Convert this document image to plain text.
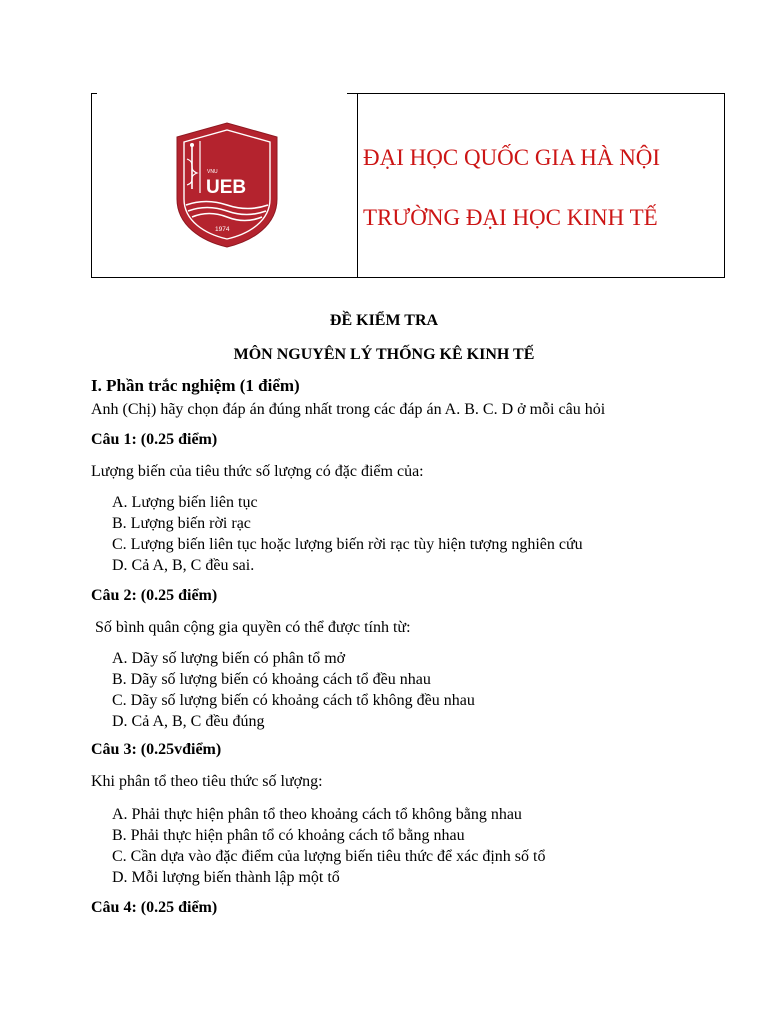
VNU
UEB
1974

ĐẠI HỌC QUỐC GIA HÀ NỘI

TRƯỜNG ĐẠI HỌC KINH TẾ

ĐỀ KIỂM TRA

MÔN NGUYÊN LÝ THỐNG KÊ KINH TẾ

I. Phần trắc nghiệm (1 điểm)

Anh (Chị) hãy chọn đáp án đúng nhất trong các đáp án A. B. C. D ở mỗi câu hỏi

Câu 1: (0.25 điểm)

Lượng biến của tiêu thức số lượng có đặc điểm của:

A. Lượng biến liên tục
B. Lượng biến rời rạc
C. Lượng biến liên tục hoặc lượng biến rời rạc tùy hiện tượng nghiên cứu
D. Cả A, B, C đều sai.

Câu 2: (0.25 điểm)

Số bình quân cộng gia quyền có thể được tính từ:

A. Dãy số lượng biến có phân tổ mở
B. Dãy số lượng biến có khoảng cách tổ đều nhau
C. Dãy số lượng biến có khoảng cách tổ không đều nhau
D. Cả A, B, C đều đúng

Câu 3: (0.25vđiểm)

Khi phân tổ theo tiêu thức số lượng:

A. Phải thực hiện phân tổ theo khoảng cách tổ không bằng nhau
B. Phải thực hiện phân tổ có khoảng cách tổ bằng nhau
C. Cần dựa vào đặc điểm của lượng biến tiêu thức để xác định số tổ
D. Mỗi lượng biến thành lập một tổ

Câu 4: (0.25 điểm)
